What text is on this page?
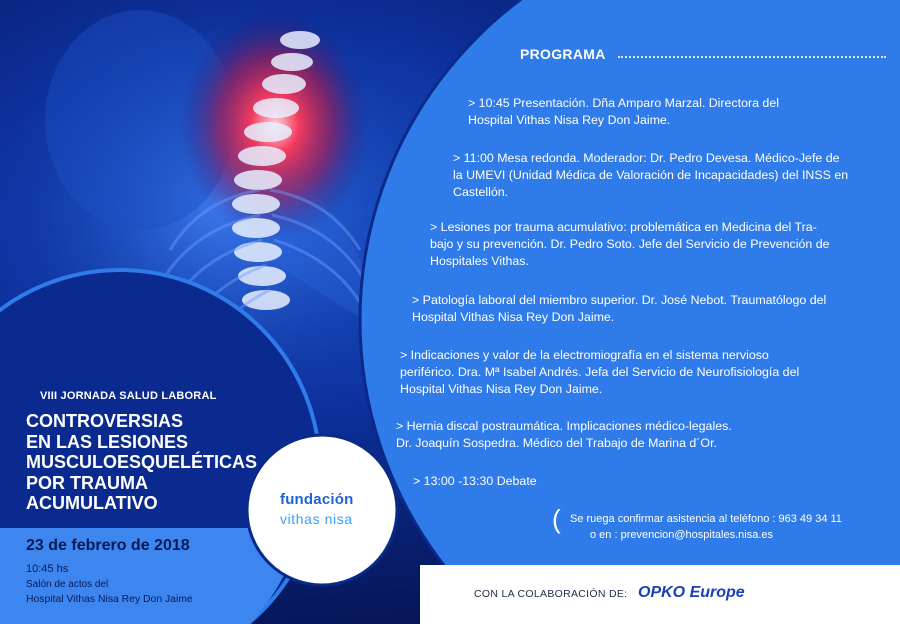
PROGRAMA
> 10:45 Presentación. Dña Amparo Marzal. Directora del
Hospital Vithas Nisa Rey Don Jaime.
> 11:00 Mesa redonda. Moderador: Dr. Pedro Devesa. Médico-Jefe de
la UMEVI (Unidad Médica de Valoración de Incapacidades) del INSS en
Castellón.
> Lesiones por trauma acumulativo: problemática en Medicina del Tra-
bajo y su prevención. Dr. Pedro Soto. Jefe del Servicio de Prevención de
Hospitales Vithas.
> Patología laboral del miembro superior. Dr. José Nebot. Traumatólogo del
Hospital Vithas Nisa Rey Don Jaime.
> Indicaciones y valor de la electromiografía en el sistema nervioso
periférico. Dra. Mª Isabel Andrés. Jefa del Servicio de Neurofisiología del
Hospital Vithas Nisa Rey Don Jaime.
> Hernia discal postraumática. Implicaciones médico-legales.
Dr. Joaquín Sospedra. Médico del Trabajo de Marina d´Or.
> 13:00 -13:30 Debate
( Se ruega confirmar asistencia al teléfono : 963 49 34 11
o en : prevencion@hospitales.nisa.es
CON LA COLABORACIÓN DE: OPKO Europe
VIII JORNADA SALUD LABORAL
CONTROVERSIAS
EN LAS LESIONES
MUSCULOESQUELÉTICAS
POR TRAUMA
ACUMULATIVO
23 de febrero de 2018
10:45 hs
Salón de actos del
Hospital Vithas Nisa Rey Don Jaime
fundación
vithas nisa
